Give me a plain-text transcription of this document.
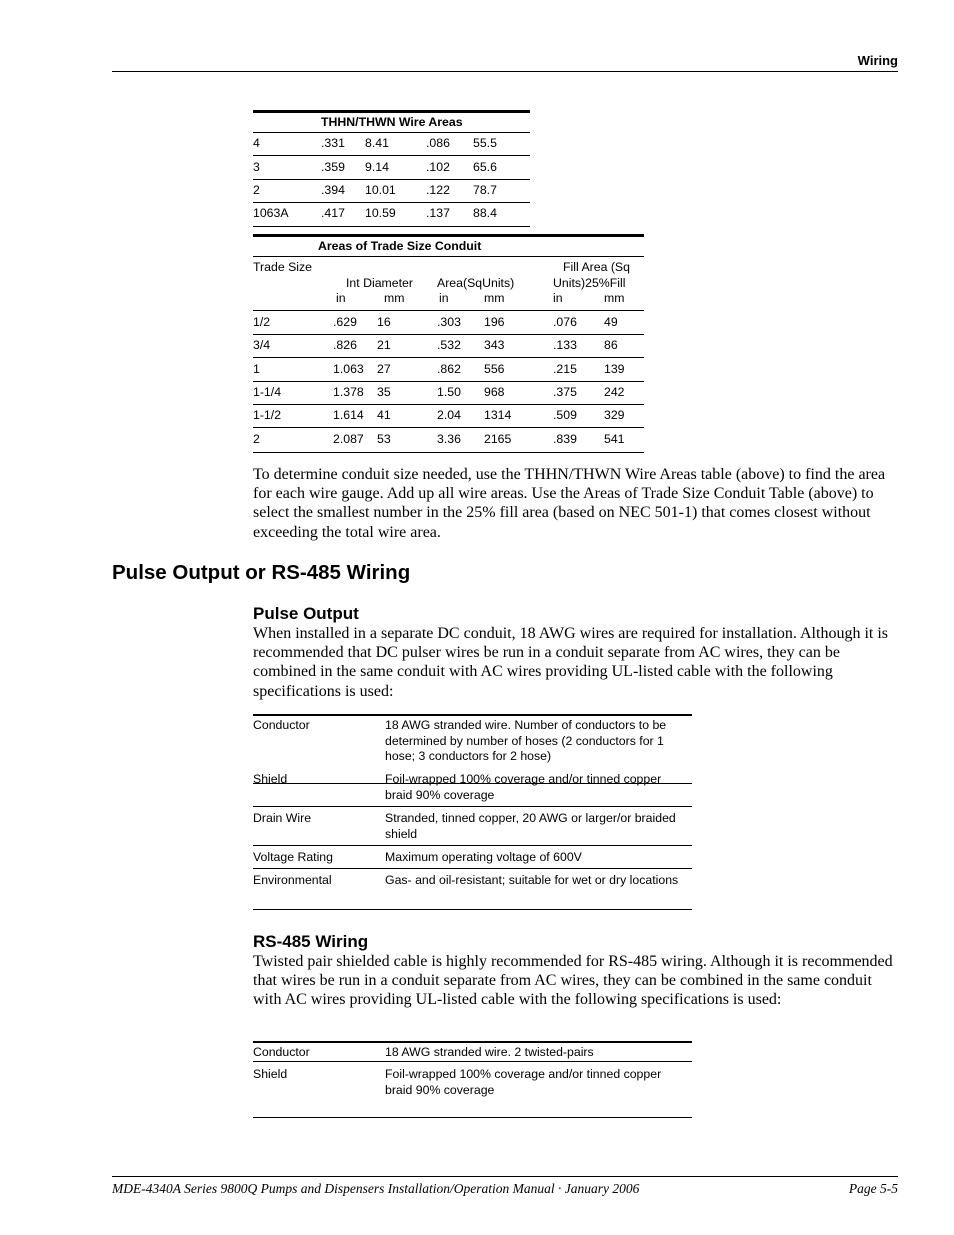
Wiring
THHN/THWN Wire Areas
4	.331 8.41	.086 55.5
3	.359 9.14	.102 65.6
2	.394 10.01 .122 78.7
1063A	.417 10.59 .137 88.4
Areas of Trade Size Conduit
Trade Size
Int Diameter Area(SqUnits)
Fill Area (Sq
Units)25%Fill
in	mm	in	mm	in	mm
1/2	.629 16	.303 196	.076 49
3/4	.826 21	.532 343	.133 86
1	1.063 27	.862 556	.215 139
1-1/4	1.378 35	1.50 968	.375 242
1-1/2	1.614 41	2.04 1314	.509 329
2	2.087 53	3.36 2165	.839 541
To determine conduit size needed, use the THHN/THWN Wire Areas table (above) to find the area for each wire gauge. Add up all wire areas. Use the Areas of Trade Size Conduit Table (above) to select the smallest number in the 25% fill area (based on NEC 501-1) that comes closest without exceeding the total wire area.
Pulse Output or RS-485 Wiring
Pulse Output
When installed in a separate DC conduit, 18 AWG wires are required for installation. Although it is recommended that DC pulser wires be run in a conduit separate from AC wires, they can be combined in the same conduit with AC wires providing UL-listed cable with the following specifications is used:
Conductor	18 AWG stranded wire. Number of conductors to be determined by number of hoses (2 conductors for 1 hose; 3 conductors for 2 hose)
Shield	Foil-wrapped 100% coverage and/or tinned copper braid 90% coverage
Drain Wire	Stranded, tinned copper, 20 AWG or larger/or braided shield
Voltage Rating	Maximum operating voltage of 600V
Environmental	Gas- and oil-resistant; suitable for wet or dry locations
RS-485 Wiring
Twisted pair shielded cable is highly recommended for RS-485 wiring. Although it is recommended that wires be run in a conduit separate from AC wires, they can be combined in the same conduit with AC wires providing UL-listed cable with the following specifications is used:
Conductor	18 AWG stranded wire. 2 twisted-pairs
Shield	Foil-wrapped 100% coverage and/or tinned copper braid 90% coverage
MDE-4340A Series 9800Q Pumps and Dispensers Installation/Operation Manual · January 2006	Page 5-5
